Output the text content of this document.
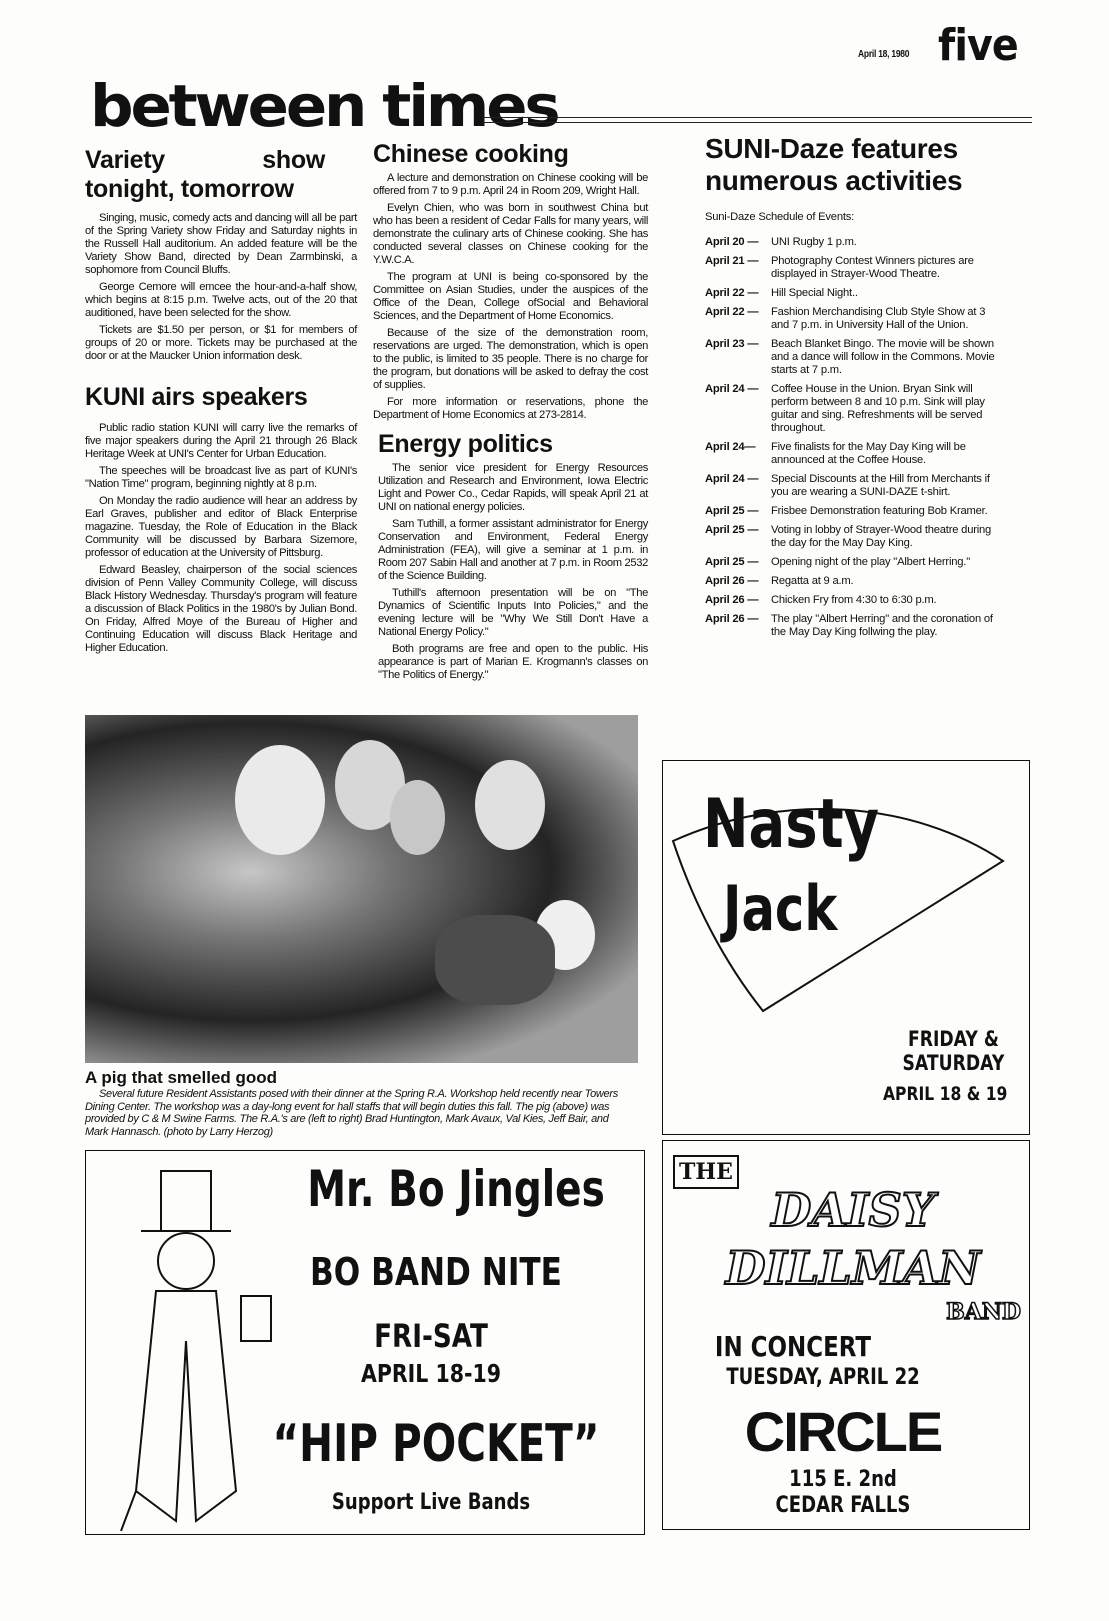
April 18, 1980 five
between times
Variety show tonight, tomorrow

Singing, music, comedy acts and dancing will all be part of the Spring Variety show Friday and Saturday nights in the Russell Hall auditorium. An added feature will be the Variety Show Band, directed by Dean Zarmbinski, a sophomore from Council Bluffs.

George Cemore will emcee the hour-and-a-half show, which begins at 8:15 p.m. Twelve acts, out of the 20 that auditioned, have been selected for the show.

Tickets are $1.50 per person, or $1 for members of groups of 20 or more. Tickets may be purchased at the door or at the Maucker Union information desk.

KUNI airs speakers

Public radio station KUNI will carry live the remarks of five major speakers during the April 21 through 26 Black Heritage Week at UNI's Center for Urban Education.

The speeches will be broadcast live as part of KUNI's "Nation Time" program, beginning nightly at 8 p.m.

On Monday the radio audience will hear an address by Earl Graves, publisher and editor of Black Enterprise magazine. Tuesday, the Role of Education in the Black Community will be discussed by Barbara Sizemore, professor of education at the University of Pittsburg.

Edward Beasley, chairperson of the social sciences division of Penn Valley Community College, will discuss Black History Wednesday. Thursday's program will feature a discussion of Black Politics in the 1980's by Julian Bond. On Friday, Alfred Moye of the Bureau of Higher and Continuing Education will discuss Black Heritage and Higher Education.

Chinese cooking

A lecture and demonstration on Chinese cooking will be offered from 7 to 9 p.m. April 24 in Room 209, Wright Hall.

Evelyn Chien, who was born in southwest China but who has been a resident of Cedar Falls for many years, will demonstrate the culinary arts of Chinese cooking. She has conducted several classes on Chinese cooking for the Y.W.C.A.

The program at UNI is being co-sponsored by the Committee on Asian Studies, under the auspices of the Office of the Dean, College ofSocial and Behavioral Sciences, and the Department of Home Economics.

Because of the size of the demonstration room, reservations are urged. The demonstration, which is open to the public, is limited to 35 people. There is no charge for the program, but donations will be asked to defray the cost of supplies.

For more information or reservations, phone the Department of Home Economics at 273-2814.

Energy politics

The senior vice president for Energy Resources Utilization and Research and Environment, Iowa Electric Light and Power Co., Cedar Rapids, will speak April 21 at UNI on national energy policies.

Sam Tuthill, a former assistant administrator for Energy Conservation and Environment, Federal Energy Administration (FEA), will give a seminar at 1 p.m. in Room 207 Sabin Hall and another at 7 p.m. in Room 2532 of the Science Building.

Tuthill's afternoon presentation will be on "The Dynamics of Scientific Inputs Into Policies," and the evening lecture will be "Why We Still Don't Have a National Energy Policy."

Both programs are free and open to the public. His appearance is part of Marian E. Krogmann's classes on "The Politics of Energy."

SUNI-Daze features numerous activities
Suni-Daze Schedule of Events:
April 20 —	UNI Rugby 1 p.m.
April 21 —	Photography Contest Winners pictures are displayed in Strayer-Wood Theatre.
April 22 —	Hill Special Night..
April 22 —	Fashion Merchandising Club Style Show at 3 and 7 p.m. in University Hall of the Union.
April 23 —	Beach Blanket Bingo. The movie will be shown and a dance will follow in the Commons. Movie starts at 7 p.m.
April 24 —	Coffee House in the Union. Bryan Sink will perform between 8 and 10 p.m. Sink will play guitar and sing. Refreshments will be served throughout.
April 24—	Five finalists for the May Day King will be announced at the Coffee House.
April 24 —	Special Discounts at the Hill from Merchants if you are wearing a SUNI-DAZE t-shirt.
April 25 —	Frisbee Demonstration featuring Bob Kramer.
April 25 —	Voting in lobby of Strayer-Wood theatre during the day for the May Day King.
April 25 —	Opening night of the play "Albert Herring."
April 26 —	Regatta at 9 a.m.
April 26 —	Chicken Fry from 4:30 to 6:30 p.m.
April 26 —	The play "Albert Herring" and the coronation of the May Day King follwing the play.
A pig that smelled good
Several future Resident Assistants posed with their dinner at the Spring R.A. Workshop held recently near Towers Dining Center. The workshop was a day-long event for hall staffs that will begin duties this fall. The pig (above) was provided by C & M Swine Farms. The R.A.'s are (left to right) Brad Huntington, Mark Avaux, Val Kies, Jeff Bair, and Mark Hannasch. (photo by Larry Herzog)
Nasty
Jack
FRIDAY & SATURDAY
APRIL 18 & 19
Mr. Bo Jingles
BO BAND NITE
FRI-SAT
APRIL 18-19
“HIP POCKET”
Support Live Bands
THE
DAISY DILLMAN
BAND
IN CONCERT
TUESDAY, APRIL 22
CIRCLE
115 E. 2nd
CEDAR FALLS
